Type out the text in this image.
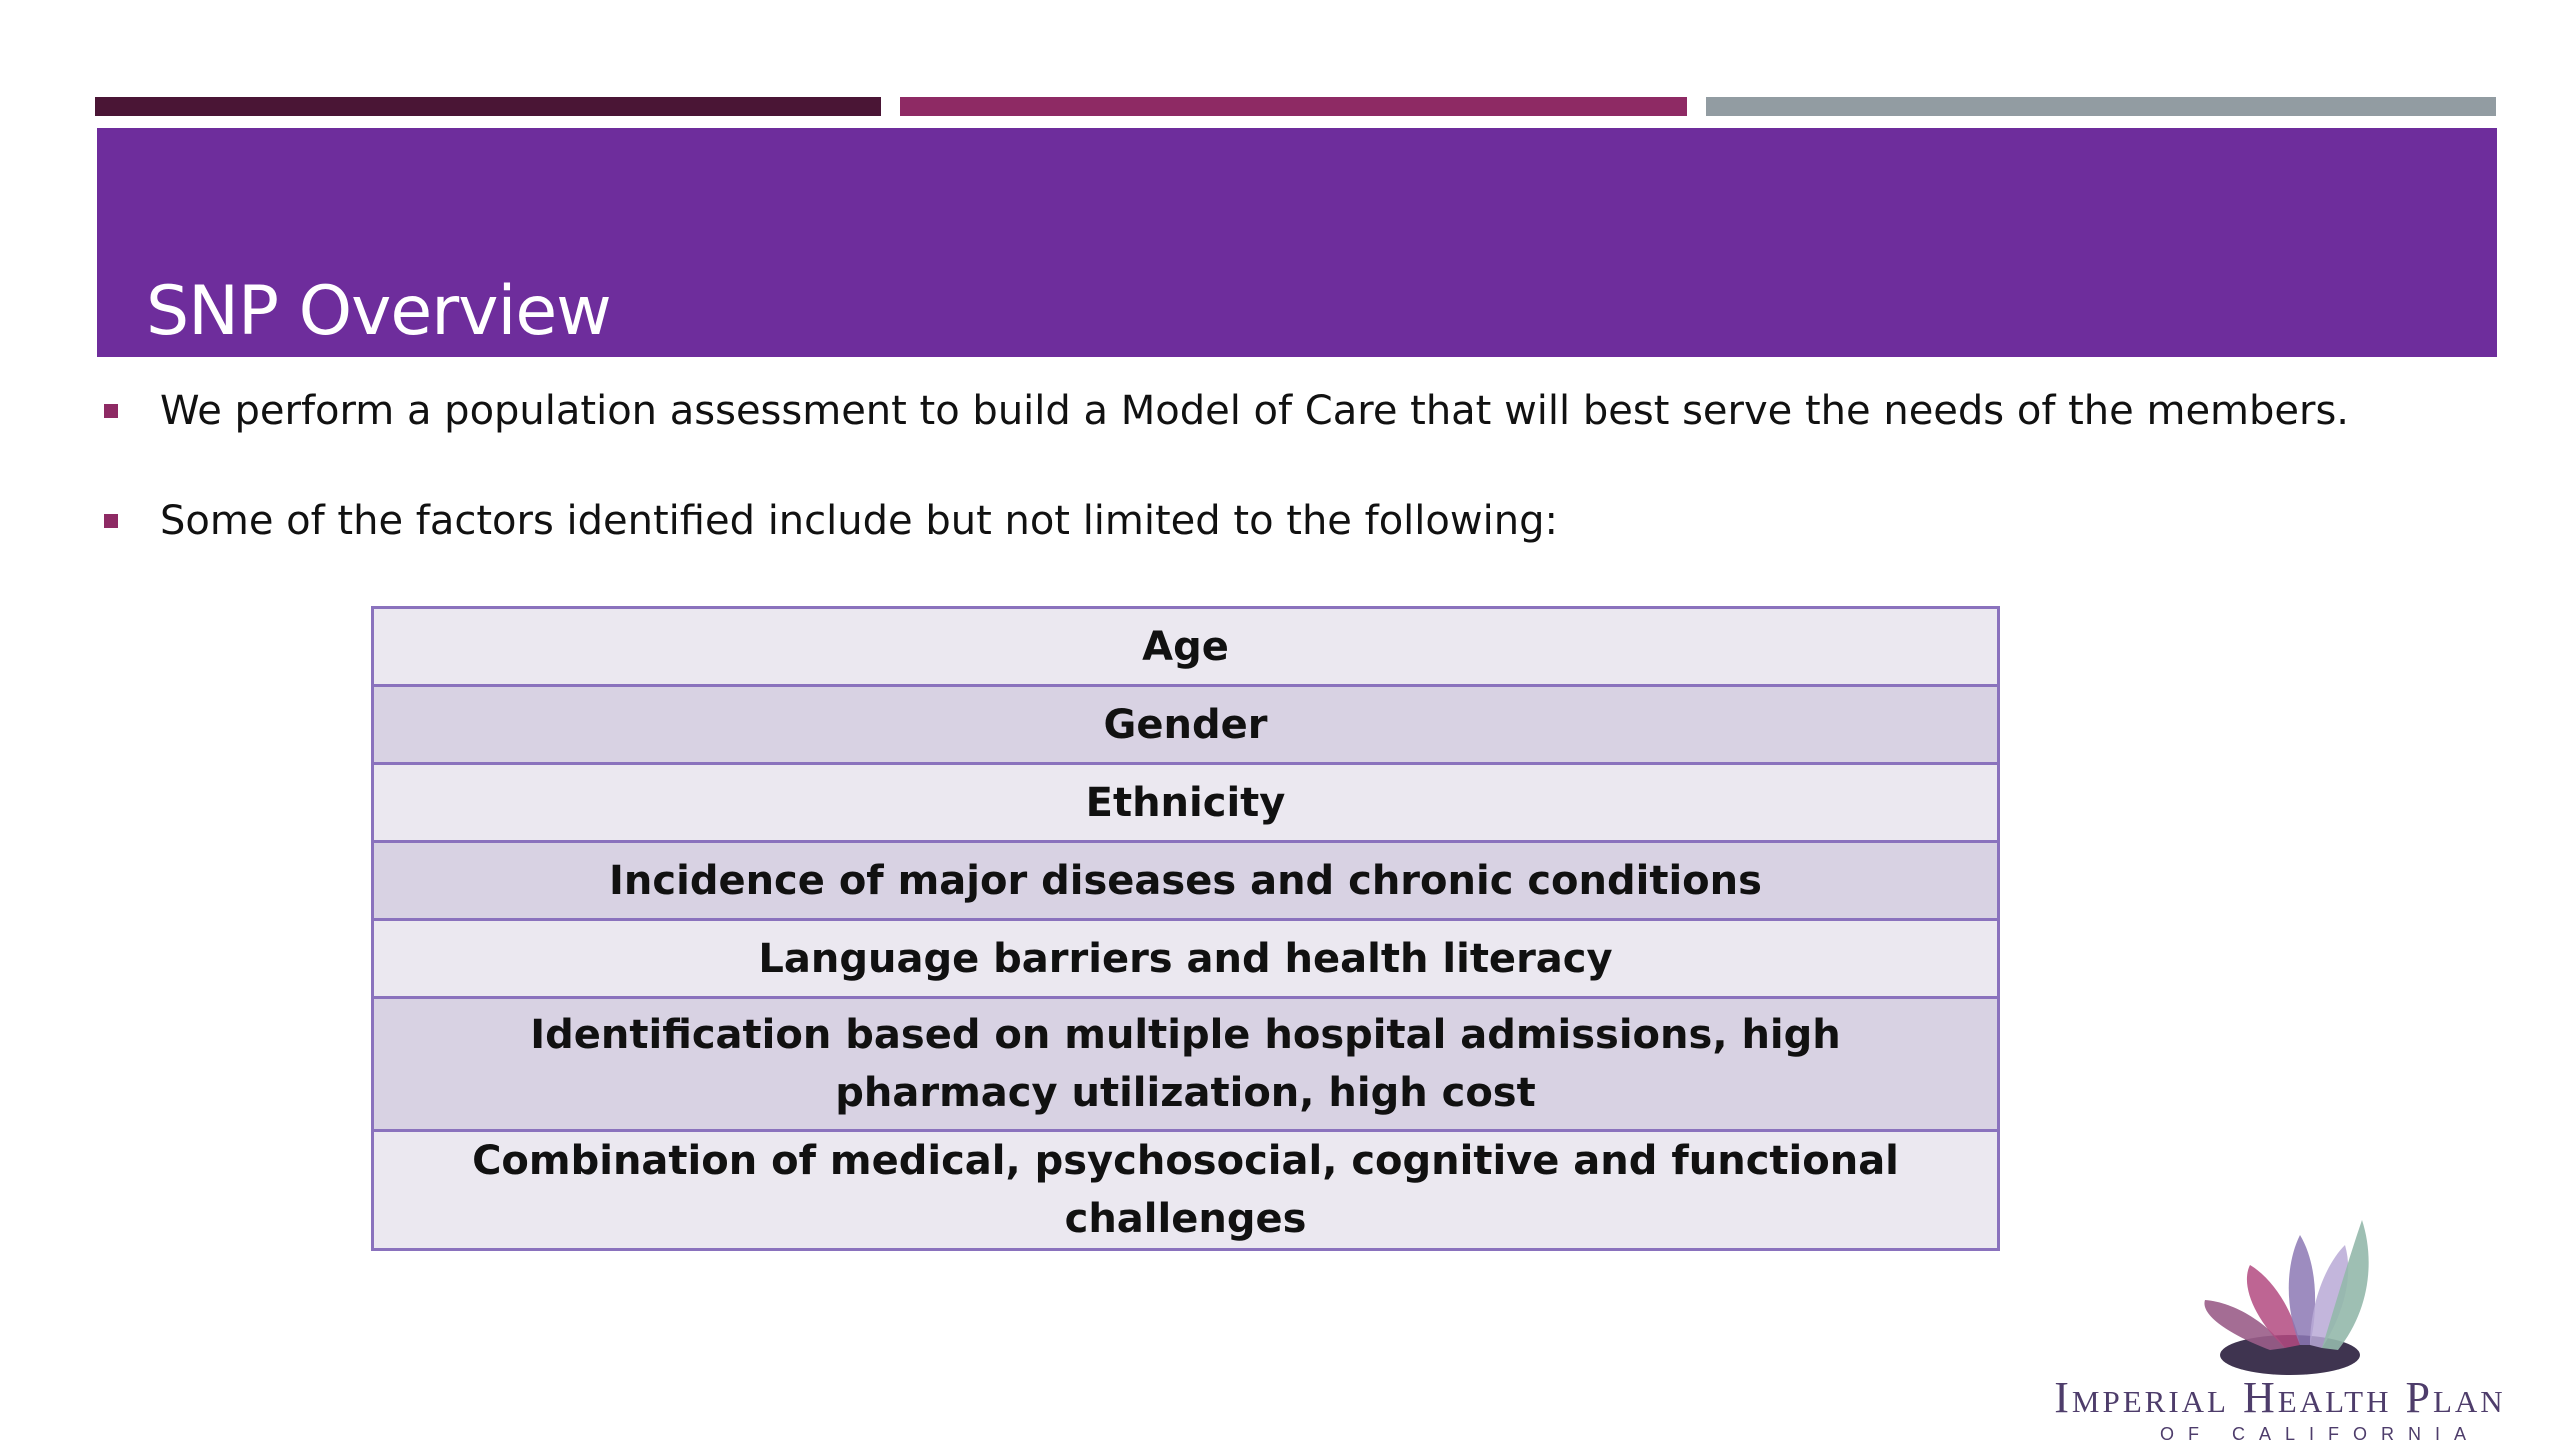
SNP Overview
We perform a population assessment to build a Model of Care that will best serve the needs of the members.
Some of the factors identified include but not limited to the following:
Age
Gender
Ethnicity
Incidence of major diseases and chronic conditions
Language barriers and health literacy
Identification based on multiple hospital admissions, high pharmacy utilization, high cost
Combination of medical, psychosocial, cognitive and functional challenges
Imperial Health Plan
OF CALIFORNIA
